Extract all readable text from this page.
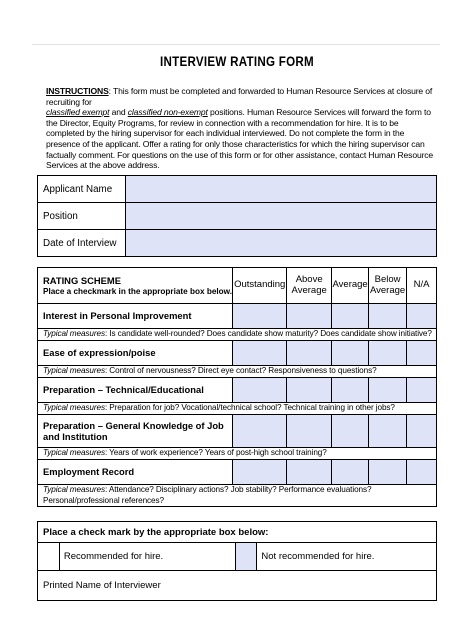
INTERVIEW RATING FORM
INSTRUCTIONS: This form must be completed and forwarded to Human Resource Services at closure of recruiting for
classified exempt and classified non-exempt positions. Human Resource Services will forward the form to the Director, Equity Programs, for review in connection with a recommendation for hire. It is to be completed by the hiring supervisor for each individual interviewed. Do not complete the form in the presence of the applicant. Offer a rating for only those characteristics for which the hiring supervisor can factually comment. For questions on the use of this form or for other assistance, contact Human Resource Services at the above address.
Applicant Name	
Position	
Date of Interview	
RATING SCHEME
Place a checkmark in the appropriate box below.	Outstanding	Above Average	Average	Below Average	N/A
Interest in Personal Improvement					
Typical measures: Is candidate well-rounded? Does candidate show maturity? Does candidate show initiative?					
Ease of expression/poise					
Typical measures: Control of nervousness? Direct eye contact? Responsiveness to questions?					
Preparation – Technical/Educational					
Typical measures: Preparation for job? Vocational/technical school? Technical training in other jobs?					
Preparation – General Knowledge of Job and Institution					
Typical measures: Years of work experience? Years of post-high school training?					
Employment Record					
Typical measures: Attendance? Disciplinary actions? Job stability? Performance evaluations? Personal/professional references?					
Place a check mark by the appropriate box below:
	Recommended for hire.		Not recommended for hire.
Printed Name of Interviewer
